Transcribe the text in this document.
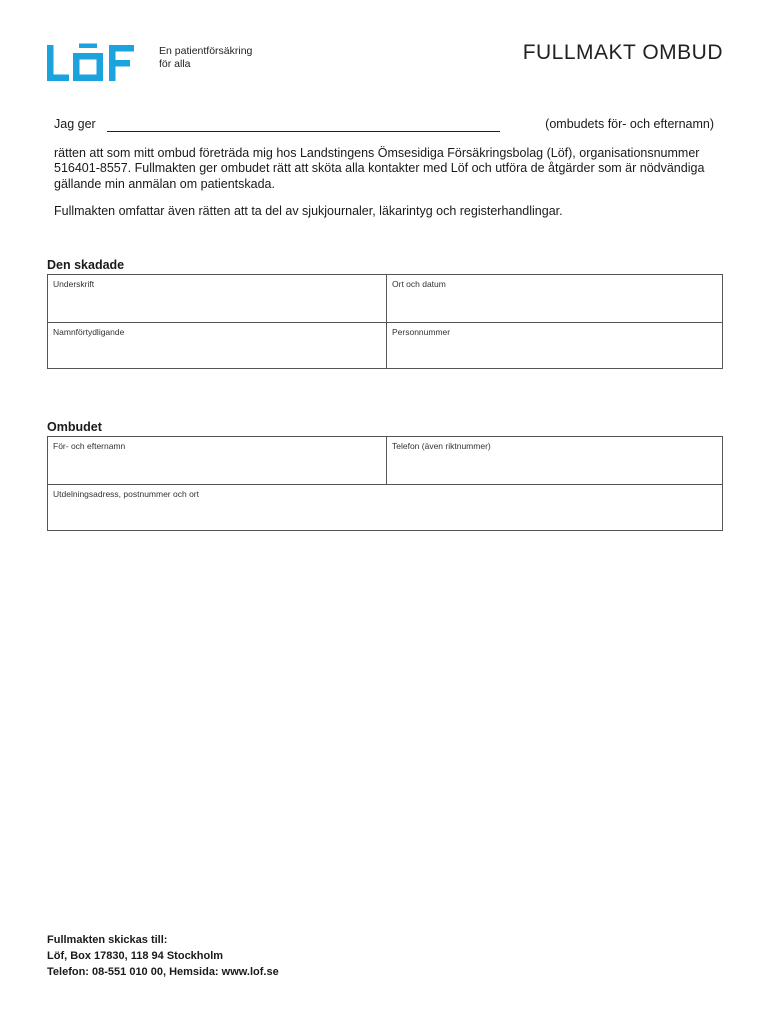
En patientförsäkring
för alla	FULLMAKT OMBUD
Jag ger	(ombudets för- och efternamn)

rätten att som mitt ombud företräda mig hos Landstingens Ömsesidiga Försäkringsbolag (Löf), organisationsnummer 516401-8557. Fullmakten ger ombudet rätt att sköta alla kontakter med Löf och utföra de åtgärder som är nödvändiga gällande min anmälan om patientskada.

Fullmakten omfattar även rätten att ta del av sjukjournaler, läkarintyg och registerhandlingar.

Den skadade
Underskrift	Ort och datum
Namnförtydligande	Personnummer
Ombudet
För- och efternamn	Telefon (även riktnummer)
Utdelningsadress, postnummer och ort
Fullmakten skickas till:
Löf, Box 17830, 118 94 Stockholm
Telefon: 08-551 010 00, Hemsida: www.lof.se
